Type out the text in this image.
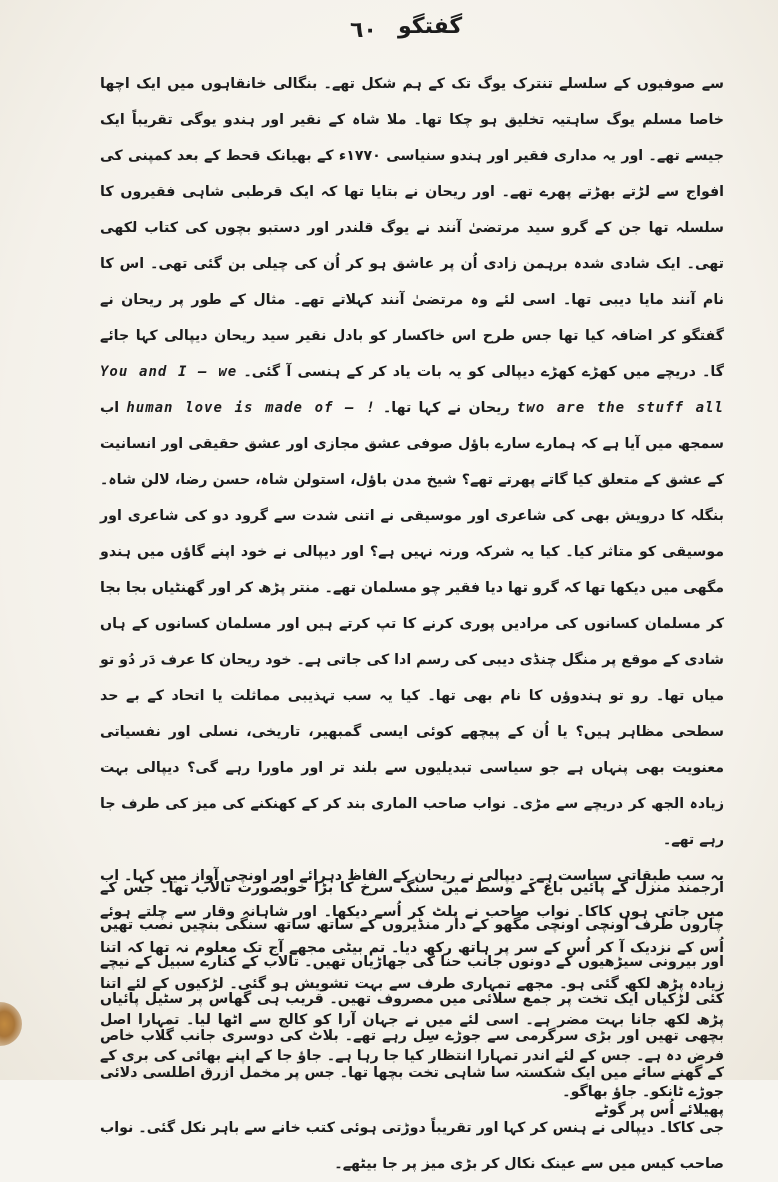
٦٠ گفتگو

سے صوفیوں کے سلسلے تنترک یوگ تک کے ہم شکل تھے۔ بنگالی خانقاہوں میں ایک اچھا خاصا مسلم یوگ ساہتیہ تخلیق ہو چکا تھا۔ ملا شاہ کے نقیر اور ہندو یوگی تقریباً ایک جیسے تھے۔ اور یہ مداری فقیر اور ہندو سنیاسی ۱۷۷۰ء کے بھیانک قحط کے بعد کمپنی کی افواج سے لڑتے بھڑتے پھرے تھے۔ اور ریحان نے بتایا تھا کہ ایک قرطبی شاہی فقیروں کا سلسلہ تھا جن کے گرو سید مرتضیٰ آنند نے یوگ قلندر اور دستبو بچوں کی کتاب لکھی تھی۔ ایک شادی شدہ برہمن زادی اُن پر عاشق ہو کر اُن کی چیلی بن گئی تھی۔ اس کا نام آنند مایا دیبی تھا۔ اسی لئے وہ مرتضیٰ آنند کہلاتے تھے۔ مثال کے طور پر ریحان نے گفتگو کر اضافہ کیا تھا جس طرح اس خاکسار کو بادل نقیر سید ریحان دیپالی کہا جائے گا۔ دریچے میں کھڑے کھڑے دیپالی کو یہ بات یاد کر کے ہنسی آ گئی۔ You and I — we two are the stuff all ریحان نے کہا تھا۔ human love is made of — ! اب سمجھ میں آیا ہے کہ ہمارے سارے باؤل صوفی عشق مجازی اور عشق حقیقی اور انسانیت کے عشق کے متعلق کیا گاتے پھرتے تھے؟ شیخ مدن باؤل، استولن شاہ، حسن رضا، لالن شاہ۔ بنگلہ کا درویش بھی کی شاعری اور موسیقی نے اتنی شدت سے گرود دو کی شاعری اور موسیقی کو متاثر کیا۔ کیا یہ شرکہ ورنہ نہیں ہے؟ اور دیپالی نے خود اپنے گاؤں میں ہندو مگھی میں دیکھا تھا کہ گرو تھا دیا فقیر چو مسلمان تھے۔ منتر پڑھ کر اور گھنٹیاں بجا بجا کر مسلمان کسانوں کی مرادیں پوری کرنے کا تپ کرتے ہیں اور مسلمان کسانوں کے ہاں شادی کے موقع پر منگل چنڈی دیبی کی رسم ادا کی جاتی ہے۔ خود ریحان کا عرف دَر دُو تو میاں تھا۔ رو تو ہندوؤں کا نام بھی تھا۔ کیا یہ سب تہذیبی مماثلت یا اتحاد کے بے حد سطحی مظاہر ہیں؟ یا اُن کے پیچھے کوئی ایسی گمبھیر، تاریخی، نسلی اور نفسیاتی معنویت بھی پنہاں ہے جو سیاسی تبدیلیوں سے بلند تر اور ماورا رہے گی؟ دیپالی بہت زیادہ الجھ کر دریچے سے مڑی۔ نواب صاحب الماری بند کر کے کھنکنے کی میز کی طرف جا رہے تھے۔

یہ سب طبقاتی سیاست ہے۔ دیپالی نے ریحان کے الفاظ دہرائے اور اونچی آواز میں کہا۔ اب میں جاتی ہوں کاکا۔ نواب صاحب نے پلٹ کر اُسے دیکھا۔ اور شاہانہ وقار سے چلتے ہوئے اُس کے نزدیک آ کر اُس کے سر پر ہاتھ رکھ دیا۔ تم بیٹی مجھے آج تک معلوم نہ تھا کہ اتنا زیادہ پڑھ لکھ گئی ہو۔ مجھے تمہاری طرف سے بہت تشویش ہو گئی۔ لڑکیوں کے لئے اتنا پڑھ لکھ جانا بہت مضر ہے۔ اسی لئے میں نے جہان آرا کو کالج سے اٹھا لیا۔ تمہارا اصل فرض دہ ہے۔ جس کے لئے اندر تمہارا انتظار کیا جا رہا ہے۔ جاؤ جا کے اپنے بھائی کی بری کے جوڑے ٹانکو۔ جاؤ بھاگو۔

جی کاکا۔ دیپالی نے ہنس کر کہا اور تقریباً دوڑتی ہوئی کتب خانے سے باہر نکل گئی۔ نواب صاحب کیس میں سے عینک نکال کر بڑی میز پر جا بیٹھے۔

ارجمند منزل کے پائیں باغ کے وسط میں سنگ سرخ کا بڑا خوبصورت تالاب تھا۔ جس کے چاروں طرف اونچی اونچی مگھو کے دار منڈیروں کے ساتھ ساتھ سنگی بنچیں نصب تھیں اور بیرونی سیڑھیوں کے دونوں جانب حنا کی جھاڑیاں تھیں۔ تالاب کے کنارے سبیل کے نیچے کئی لڑکیاں ایک تخت پر جمع سلائی میں مصروف تھیں۔ قریب ہی گھاس پر سٹیل پائیاں بچھی تھیں اور بڑی سرگرمی سے جوڑے سِل رہے تھے۔ بلاٹ کی دوسری جانب گلاب خاص کے گھنے سائے میں ایک شکستہ سا شاہی تخت بچھا تھا۔ جس پر مخمل ازرق اطلسی دلائی پھیلائے اُس پر گوٹے
